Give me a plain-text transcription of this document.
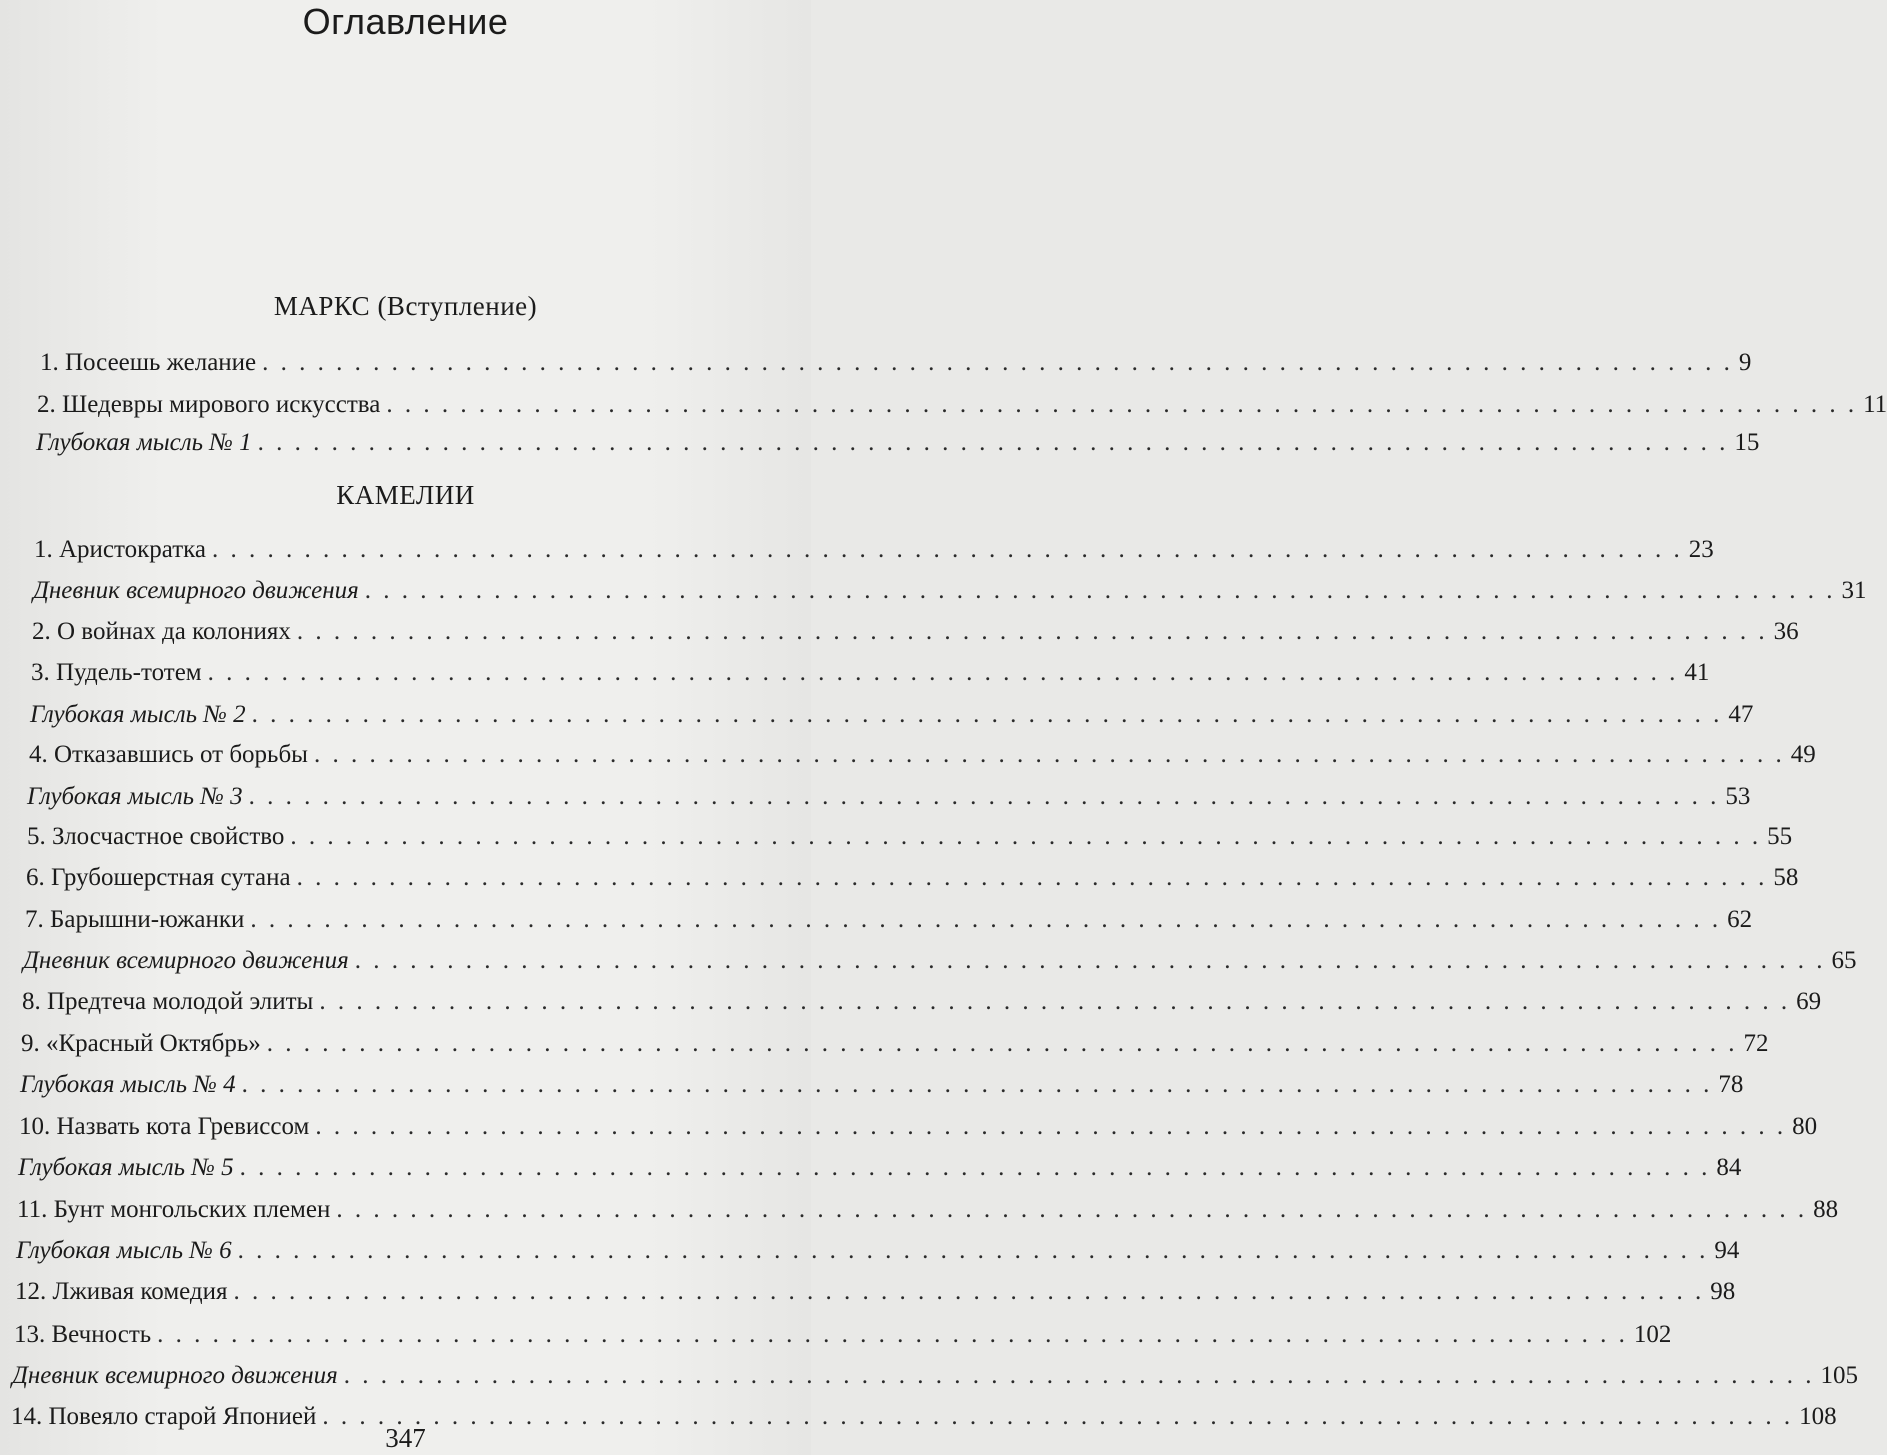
Оглавление
МАРКС (Вступление)
1. Посеешь желание . . . . . . . . . . . . . . . . . . . . . . . . . . . . . . . . . . . . . . . . . . . . . . . . . . . . . . . . . . . . . . . . . . . . . . . . . . . . . . . . 9
2. Шедевры мирового искусства . . . . . . . . . . . . . . . . . . . . . . . . . . . . . . . . . . . . . . . . . . . . . . . . . . . . . . . . . . . . . . . . . . . . . . . . . . . . . . . . 11
Глубокая мысль № 1 . . . . . . . . . . . . . . . . . . . . . . . . . . . . . . . . . . . . . . . . . . . . . . . . . . . . . . . . . . . . . . . . . . . . . . . . . . . . . . . . 15
1. Аристократка . . . . . . . . . . . . . . . . . . . . . . . . . . . . . . . . . . . . . . . . . . . . . . . . . . . . . . . . . . . . . . . . . . . . . . . . . . . . . . . . 23
Дневник всемирного движения . . . . . . . . . . . . . . . . . . . . . . . . . . . . . . . . . . . . . . . . . . . . . . . . . . . . . . . . . . . . . . . . . . . . . . . . . . . . . . . . 31
2. О войнах да колониях . . . . . . . . . . . . . . . . . . . . . . . . . . . . . . . . . . . . . . . . . . . . . . . . . . . . . . . . . . . . . . . . . . . . . . . . . . . . . . . . 36
3. Пудель-тотем . . . . . . . . . . . . . . . . . . . . . . . . . . . . . . . . . . . . . . . . . . . . . . . . . . . . . . . . . . . . . . . . . . . . . . . . . . . . . . . . 41
Глубокая мысль № 2 . . . . . . . . . . . . . . . . . . . . . . . . . . . . . . . . . . . . . . . . . . . . . . . . . . . . . . . . . . . . . . . . . . . . . . . . . . . . . . . . 47
4. Отказавшись от борьбы . . . . . . . . . . . . . . . . . . . . . . . . . . . . . . . . . . . . . . . . . . . . . . . . . . . . . . . . . . . . . . . . . . . . . . . . . . . . . . . . 49
Глубокая мысль № 3 . . . . . . . . . . . . . . . . . . . . . . . . . . . . . . . . . . . . . . . . . . . . . . . . . . . . . . . . . . . . . . . . . . . . . . . . . . . . . . . . 53
5. Злосчастное свойство . . . . . . . . . . . . . . . . . . . . . . . . . . . . . . . . . . . . . . . . . . . . . . . . . . . . . . . . . . . . . . . . . . . . . . . . . . . . . . . . 55
6. Грубошерстная сутана . . . . . . . . . . . . . . . . . . . . . . . . . . . . . . . . . . . . . . . . . . . . . . . . . . . . . . . . . . . . . . . . . . . . . . . . . . . . . . . . 58
7. Барышни-южанки . . . . . . . . . . . . . . . . . . . . . . . . . . . . . . . . . . . . . . . . . . . . . . . . . . . . . . . . . . . . . . . . . . . . . . . . . . . . . . . . 62
Дневник всемирного движения . . . . . . . . . . . . . . . . . . . . . . . . . . . . . . . . . . . . . . . . . . . . . . . . . . . . . . . . . . . . . . . . . . . . . . . . . . . . . . . . 65
8. Предтеча молодой элиты . . . . . . . . . . . . . . . . . . . . . . . . . . . . . . . . . . . . . . . . . . . . . . . . . . . . . . . . . . . . . . . . . . . . . . . . . . . . . . . . 69
9. «Красный Октябрь» . . . . . . . . . . . . . . . . . . . . . . . . . . . . . . . . . . . . . . . . . . . . . . . . . . . . . . . . . . . . . . . . . . . . . . . . . . . . . . . . 72
Глубокая мысль № 4 . . . . . . . . . . . . . . . . . . . . . . . . . . . . . . . . . . . . . . . . . . . . . . . . . . . . . . . . . . . . . . . . . . . . . . . . . . . . . . . . 78
10. Назвать кота Гревиссом . . . . . . . . . . . . . . . . . . . . . . . . . . . . . . . . . . . . . . . . . . . . . . . . . . . . . . . . . . . . . . . . . . . . . . . . . . . . . . . . 80
Глубокая мысль № 5 . . . . . . . . . . . . . . . . . . . . . . . . . . . . . . . . . . . . . . . . . . . . . . . . . . . . . . . . . . . . . . . . . . . . . . . . . . . . . . . . 84
11. Бунт монгольских племен . . . . . . . . . . . . . . . . . . . . . . . . . . . . . . . . . . . . . . . . . . . . . . . . . . . . . . . . . . . . . . . . . . . . . . . . . . . . . . . . 88
Глубокая мысль № 6 . . . . . . . . . . . . . . . . . . . . . . . . . . . . . . . . . . . . . . . . . . . . . . . . . . . . . . . . . . . . . . . . . . . . . . . . . . . . . . . . 94
12. Лживая комедия . . . . . . . . . . . . . . . . . . . . . . . . . . . . . . . . . . . . . . . . . . . . . . . . . . . . . . . . . . . . . . . . . . . . . . . . . . . . . . . . 98
13. Вечность . . . . . . . . . . . . . . . . . . . . . . . . . . . . . . . . . . . . . . . . . . . . . . . . . . . . . . . . . . . . . . . . . . . . . . . . . . . . . . . . 102
Дневник всемирного движения . . . . . . . . . . . . . . . . . . . . . . . . . . . . . . . . . . . . . . . . . . . . . . . . . . . . . . . . . . . . . . . . . . . . . . . . . . . . . . . . 105
14. Повеяло старой Японией . . . . . . . . . . . . . . . . . . . . . . . . . . . . . . . . . . . . . . . . . . . . . . . . . . . . . . . . . . . . . . . . . . . . . . . . . . . . . . . . 108
КАМЕЛИИ
347
